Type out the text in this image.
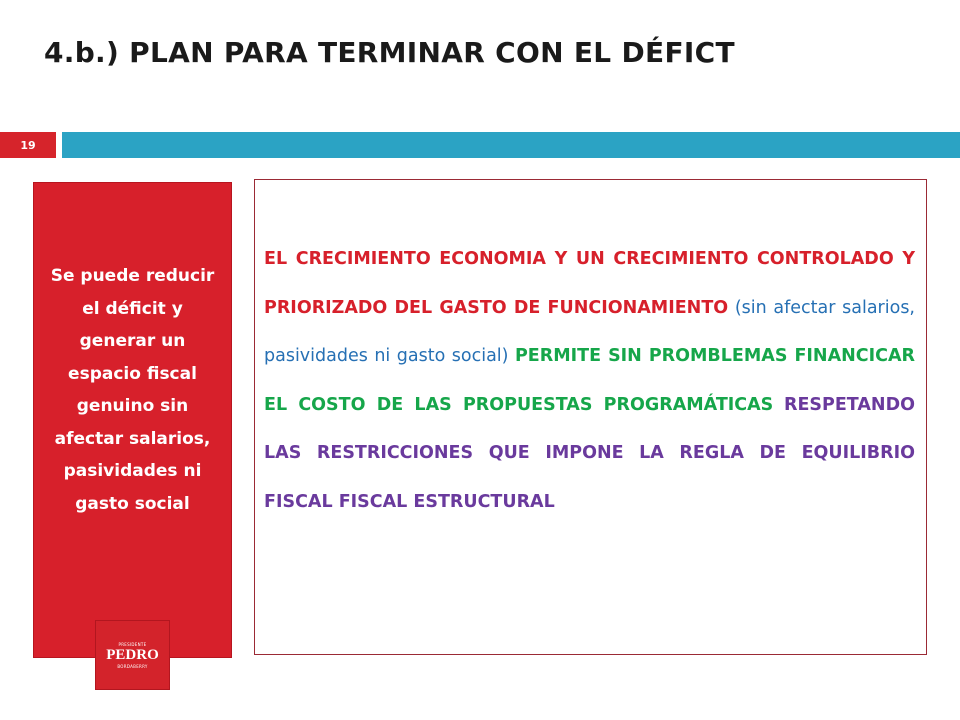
4.b.) PLAN PARA TERMINAR CON EL DÉFICT
19
Se puede reducir el déficit y generar un espacio fiscal genuino sin afectar salarios, pasividades ni gasto social
PRESIDENTE
PEDRO
BORDABERRY
EL CRECIMIENTO ECONOMIA Y UN CRECIMIENTO CONTROLADO Y PRIORIZADO DEL GASTO DE FUNCIONAMIENTO (sin afectar salarios, pasividades ni gasto social) PERMITE SIN PROMBLEMAS FINANCICAR EL COSTO DE LAS PROPUESTAS PROGRAMÁTICAS RESPETANDO LAS RESTRICCIONES QUE IMPONE LA REGLA DE EQUILIBRIO FISCAL FISCAL ESTRUCTURAL
